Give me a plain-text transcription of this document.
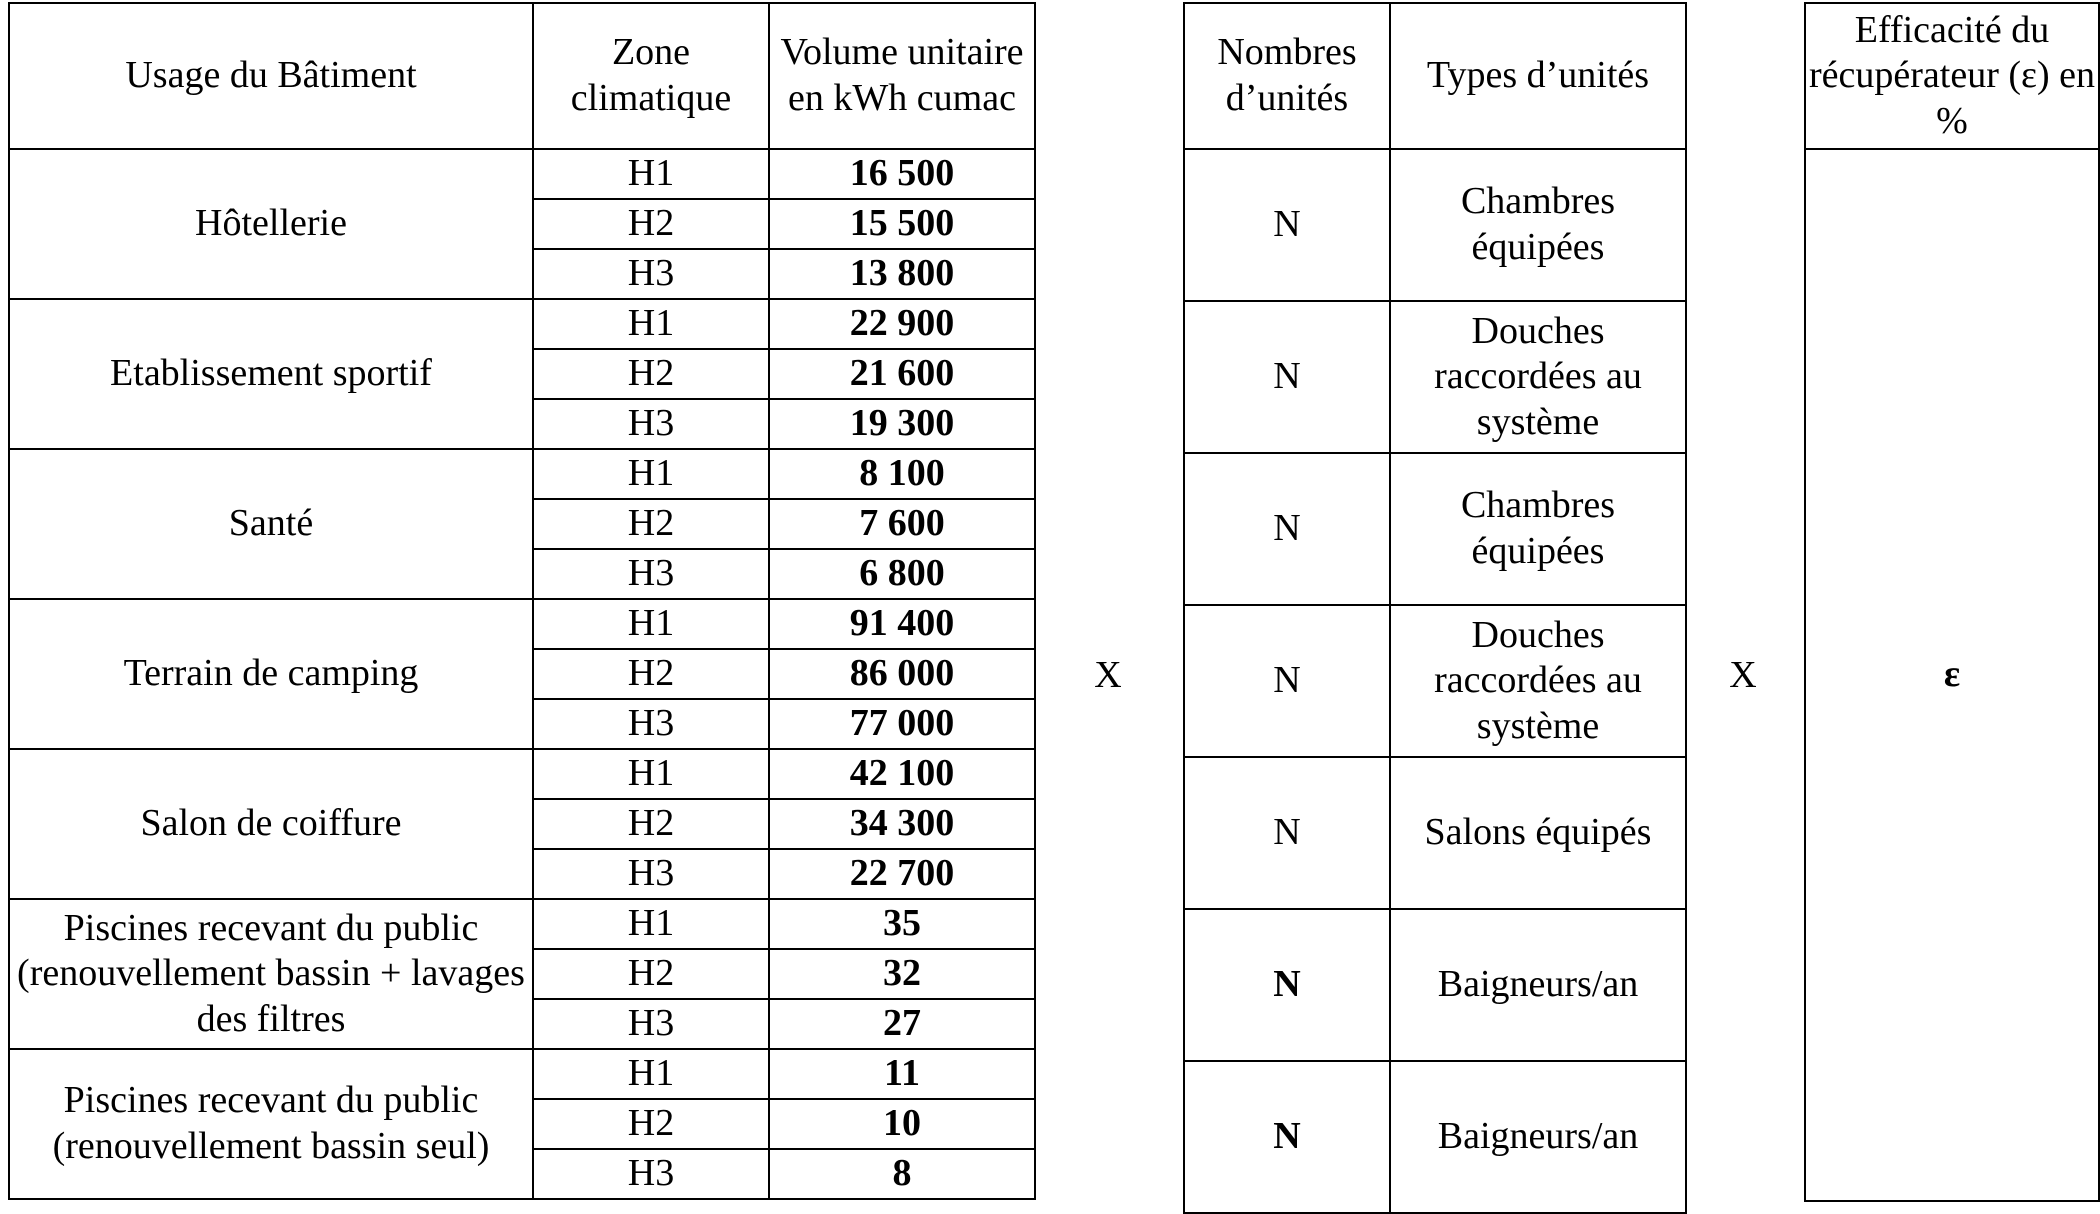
Usage du Bâtiment	Zone climatique	Volume unitaire en kWh cumac
Hôtellerie	H1	16 500
	H2	15 500
	H3	13 800
Etablissement sportif	H1	22 900
	H2	21 600
	H3	19 300
Santé	H1	8 100
	H2	7 600
	H3	6 800
Terrain de camping	H1	91 400
	H2	86 000
	H3	77 000
Salon de coiffure	H1	42 100
	H2	34 300
	H3	22 700
Piscines recevant du public (renouvellement bassin + lavages des filtres	H1	35
	H2	32
	H3	27
Piscines recevant du public (renouvellement bassin seul)	H1	11
	H2	10
	H3	8
X
Nombres d’unités	Types d’unités
N	Chambres équipées
N	Douches raccordées au système
N	Chambres équipées
N	Douches raccordées au système
N	Salons équipés
N	Baigneurs/an
N	Baigneurs/an
X
Efficacité du récupérateur (ε) en %
ε
